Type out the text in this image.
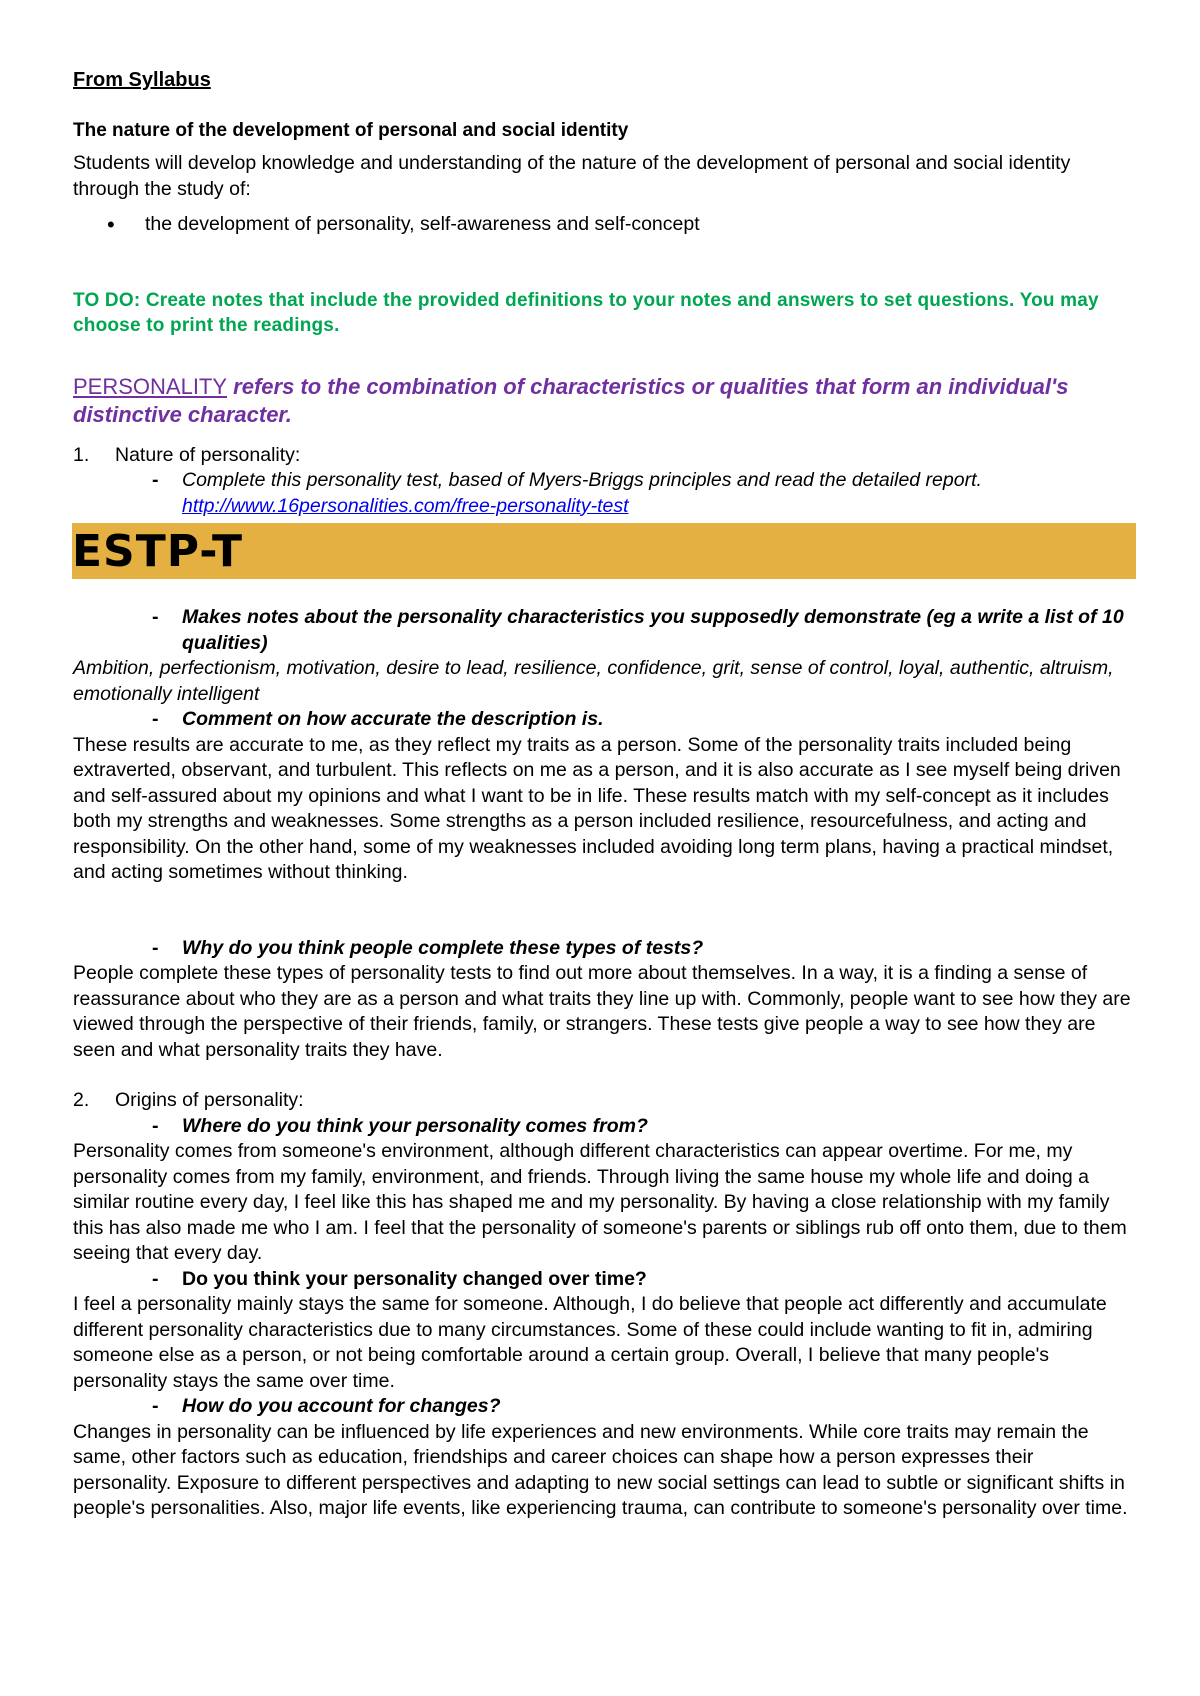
From Syllabus

The nature of the development of personal and social identity

Students will develop knowledge and understanding of the nature of the development of personal and social identity through the study of:

• the development of personality, self-awareness and self-concept

TO DO: Create notes that include the provided definitions to your notes and answers to set questions. You may choose to print the readings.

PERSONALITY refers to the combination of characteristics or qualities that form an individual's distinctive character.

1. Nature of personality:
- Complete this personality test, based of Myers-Briggs principles and read the detailed report.
http://www.16personalities.com/free-personality-test
ESTP-T
- Makes notes about the personality characteristics you supposedly demonstrate (eg a write a list of 10 qualities)

Ambition, perfectionism, motivation, desire to lead, resilience, confidence, grit, sense of control, loyal, authentic, altruism, emotionally intelligent

- Comment on how accurate the description is.

These results are accurate to me, as they reflect my traits as a person. Some of the personality traits included being extraverted, observant, and turbulent. This reflects on me as a person, and it is also accurate as I see myself being driven and self-assured about my opinions and what I want to be in life. These results match with my self-concept as it includes both my strengths and weaknesses. Some strengths as a person included resilience, resourcefulness, and acting and responsibility. On the other hand, some of my weaknesses included avoiding long term plans, having a practical mindset, and acting sometimes without thinking.

- Why do you think people complete these types of tests?

People complete these types of personality tests to find out more about themselves. In a way, it is a finding a sense of reassurance about who they are as a person and what traits they line up with. Commonly, people want to see how they are viewed through the perspective of their friends, family, or strangers. These tests give people a way to see how they are seen and what personality traits they have.

2. Origins of personality:
- Where do you think your personality comes from?

Personality comes from someone's environment, although different characteristics can appear overtime. For me, my personality comes from my family, environment, and friends. Through living the same house my whole life and doing a similar routine every day, I feel like this has shaped me and my personality. By having a close relationship with my family this has also made me who I am. I feel that the personality of someone's parents or siblings rub off onto them, due to them seeing that every day.

- Do you think your personality changed over time?

I feel a personality mainly stays the same for someone. Although, I do believe that people act differently and accumulate different personality characteristics due to many circumstances. Some of these could include wanting to fit in, admiring someone else as a person, or not being comfortable around a certain group. Overall, I believe that many people's personality stays the same over time.

- How do you account for changes?

Changes in personality can be influenced by life experiences and new environments. While core traits may remain the same, other factors such as education, friendships and career choices can shape how a person expresses their personality. Exposure to different perspectives and adapting to new social settings can lead to subtle or significant shifts in people's personalities. Also, major life events, like experiencing trauma, can contribute to someone's personality over time.
